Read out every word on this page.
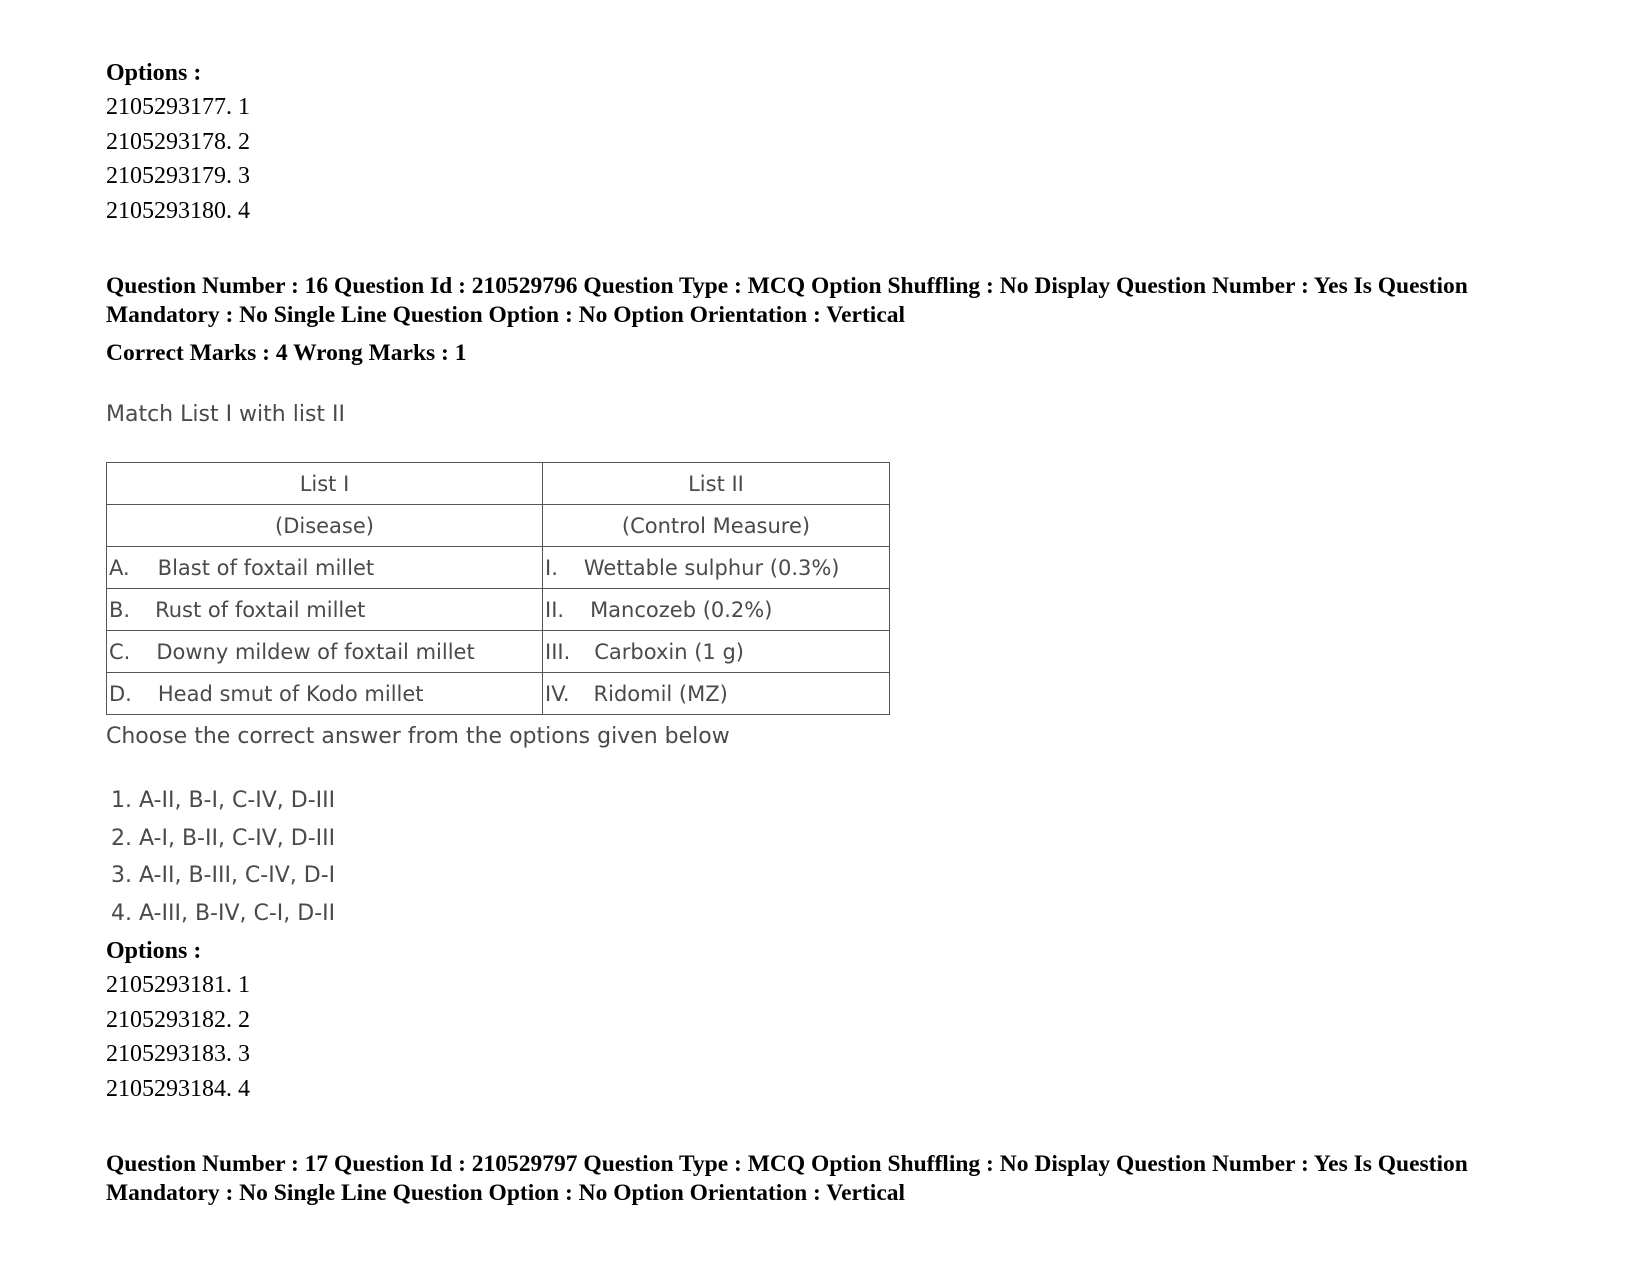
Options :
2105293177. 1
2105293178. 2
2105293179. 3
2105293180. 4
Question Number : 16 Question Id : 210529796 Question Type : MCQ Option Shuffling : No Display Question Number : Yes Is Question
Mandatory : No Single Line Question Option : No Option Orientation : Vertical
Correct Marks : 4 Wrong Marks : 1
Match List I with list II
List I	List II
(Disease)	(Control Measure)
A. Blast of foxtail millet	I. Wettable sulphur (0.3%)
B. Rust of foxtail millet	II. Mancozeb (0.2%)
C. Downy mildew of foxtail millet	III. Carboxin (1 g)
D. Head smut of Kodo millet	IV. Ridomil (MZ)
Choose the correct answer from the options given below
1. A-II, B-I, C-IV, D-III
2. A-I, B-II, C-IV, D-III
3. A-II, B-III, C-IV, D-I
4. A-III, B-IV, C-I, D-II
Options :
2105293181. 1
2105293182. 2
2105293183. 3
2105293184. 4
Question Number : 17 Question Id : 210529797 Question Type : MCQ Option Shuffling : No Display Question Number : Yes Is Question
Mandatory : No Single Line Question Option : No Option Orientation : Vertical
